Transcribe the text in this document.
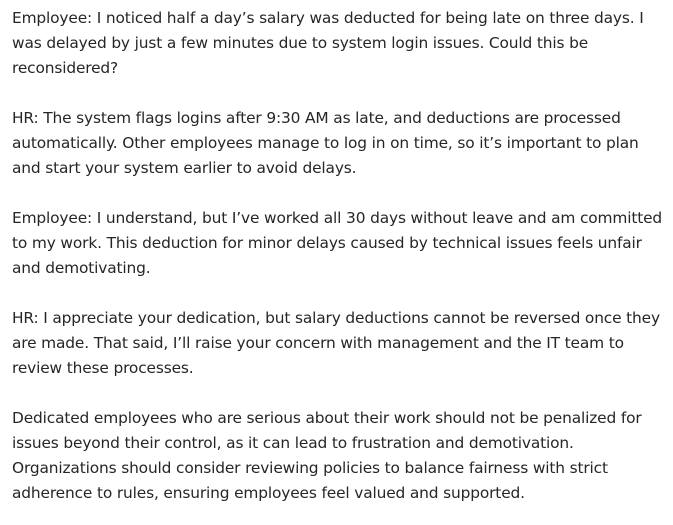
Employee: I noticed half a day’s salary was deducted for being late on three days. I was delayed by just a few minutes due to system login issues. Could this be reconsidered?

HR: The system flags logins after 9:30 AM as late, and deductions are processed automatically. Other employees manage to log in on time, so it’s important to plan and start your system earlier to avoid delays.

Employee: I understand, but I’ve worked all 30 days without leave and am committed to my work. This deduction for minor delays caused by technical issues feels unfair and demotivating.

HR: I appreciate your dedication, but salary deductions cannot be reversed once they are made. That said, I’ll raise your concern with management and the IT team to review these processes.

Dedicated employees who are serious about their work should not be penalized for issues beyond their control, as it can lead to frustration and demotivation. Organizations should consider reviewing policies to balance fairness with strict adherence to rules, ensuring employees feel valued and supported.
